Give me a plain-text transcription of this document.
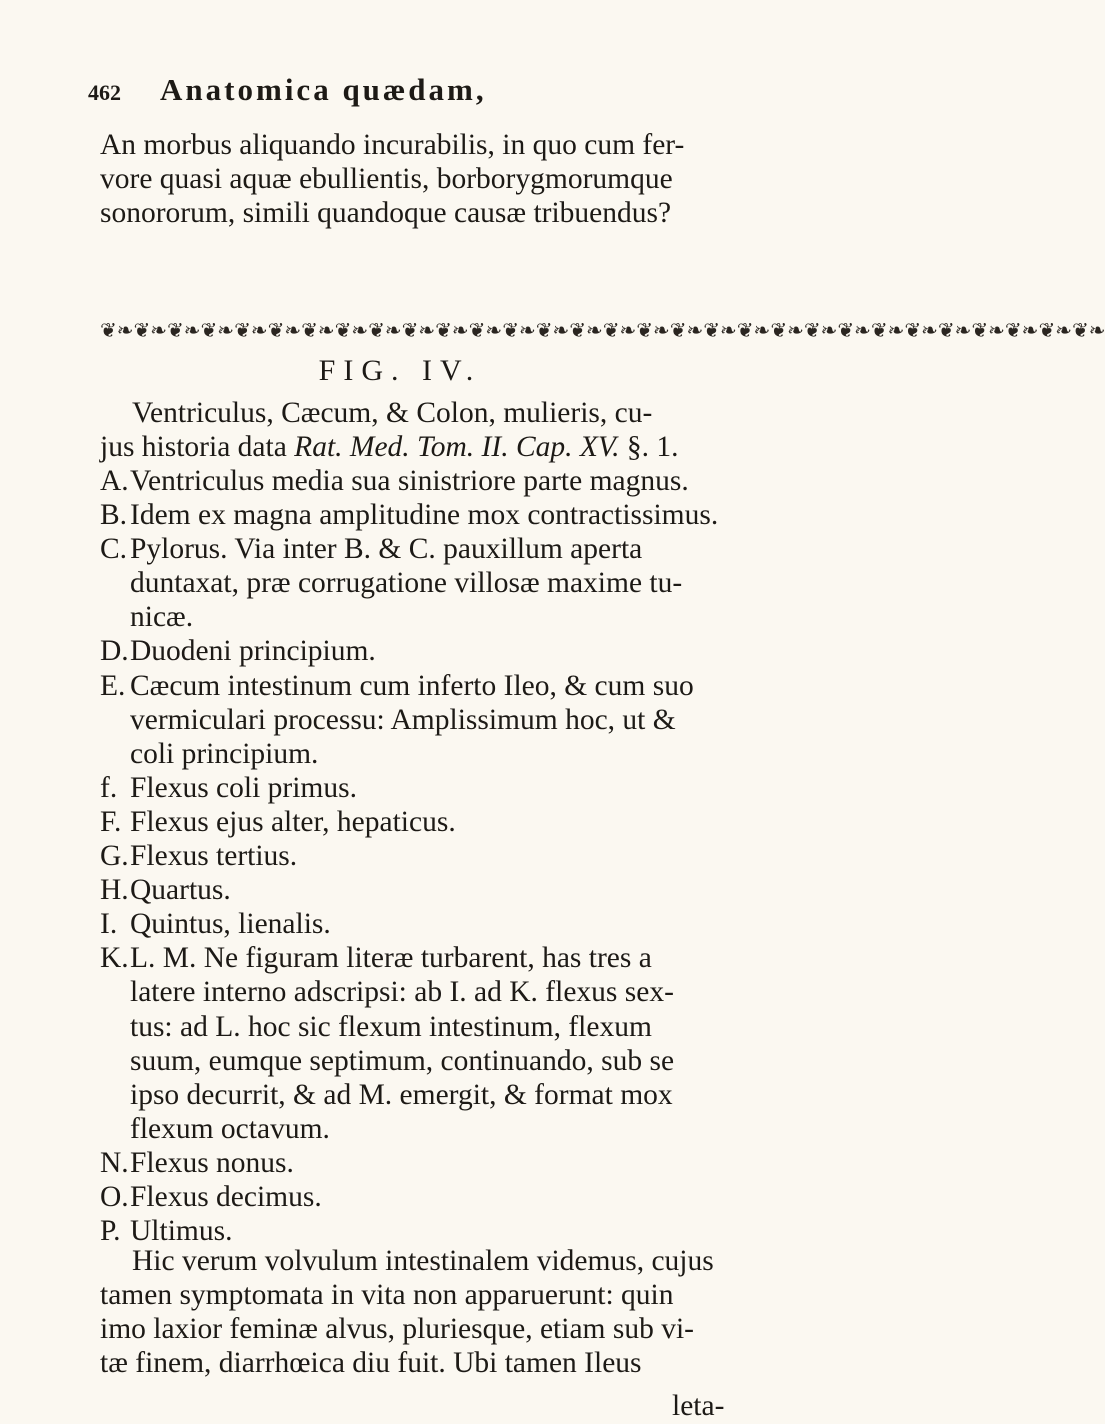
462 Anatomica quædam,
An morbus aliquando incurabilis, in quo cum fer-
vore quasi aquæ ebullientis, borborygmorumque
sonororum, simili quandoque causæ tribuendus?
❦❧❦❧❦❧❦❧❦❧❦❧❦❧❦❧❦❧❦❧❦❧❦❧❦❧❦❧❦❧❦❧❦❧❦❧❦❧❦❧❦❧❦❧❦❧❦❧❦❧❦❧❦❧❦❧❦❧❦❧
FIG. IV.
Ventriculus, Cæcum, & Colon, mulieris, cu-
jus historia data Rat. Med. Tom. II. Cap. XV. §. 1.
A. Ventriculus media sua sinistriore parte magnus.
B. Idem ex magna amplitudine mox contractissimus.
C. Pylorus. Via inter B. & C. pauxillum aperta
duntaxat, præ corrugatione villosæ maxime tu-
nicæ.
D. Duodeni principium.
E. Cæcum intestinum cum inferto Ileo, & cum suo
vermiculari processu: Amplissimum hoc, ut &
coli principium.
f. Flexus coli primus.
F. Flexus ejus alter, hepaticus.
G. Flexus tertius.
H. Quartus.
I. Quintus, lienalis.
K. L. M. Ne figuram literæ turbarent, has tres a
latere interno adscripsi: ab I. ad K. flexus sex-
tus: ad L. hoc sic flexum intestinum, flexum
suum, eumque septimum, continuando, sub se
ipso decurrit, & ad M. emergit, & format mox
flexum octavum.
N. Flexus nonus.
O. Flexus decimus.
P. Ultimus.
Hic verum volvulum intestinalem videmus, cujus
tamen symptomata in vita non apparuerunt: quin
imo laxior feminæ alvus, pluriesque, etiam sub vi-
tæ finem, diarrhœica diu fuit. Ubi tamen Ileus
leta-
